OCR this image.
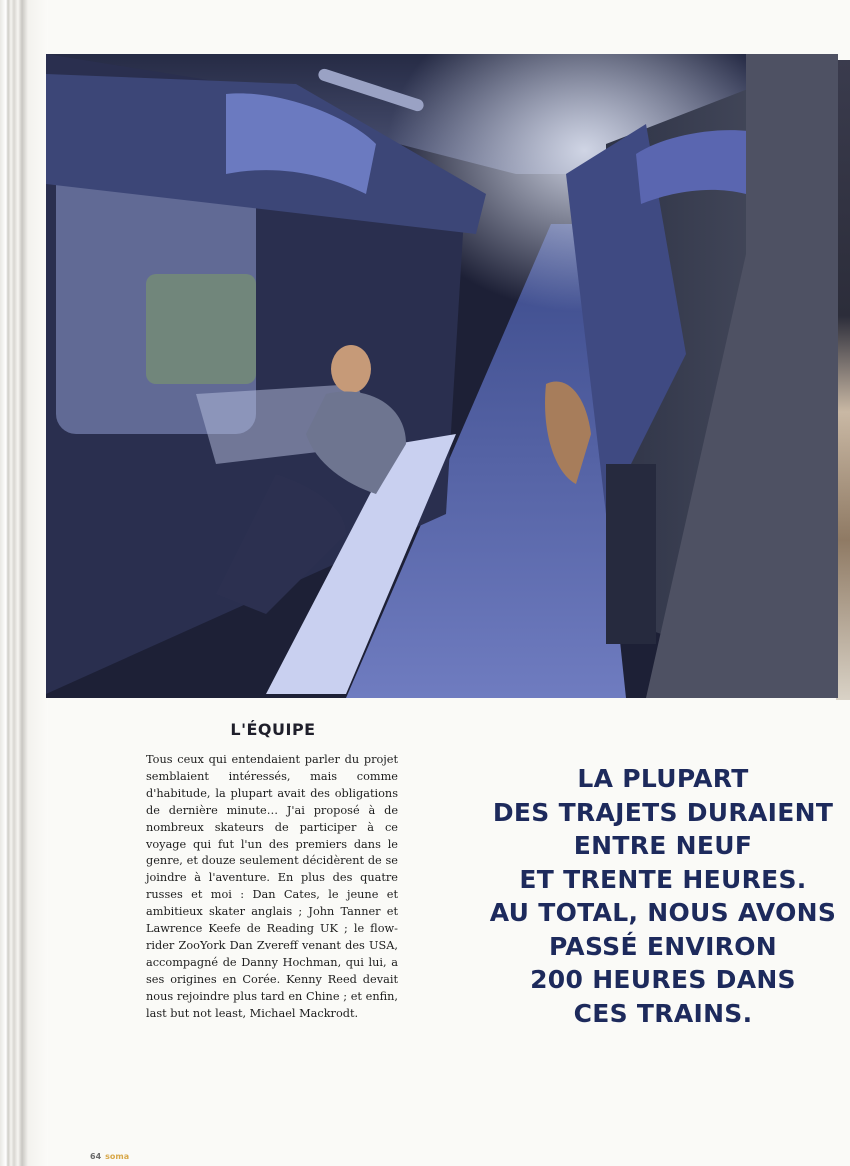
L'ÉQUIPE
Tous ceux qui entendaient parler du projet semblaient intéressés, mais comme d'habitude, la plupart avait des obligations de dernière minute… J'ai proposé à de nombreux skateurs de participer à ce voyage qui fut l'un des premiers dans le genre, et douze seulement décidèrent de se joindre à l'aventure. En plus des quatre russes et moi : Dan Cates, le jeune et ambitieux skater anglais ; John Tanner et Lawrence Keefe de Reading UK ; le flow-rider ZooYork Dan Zvereff venant des USA, accompagné de Danny Hochman, qui lui, a ses origines en Corée. Kenny Reed devait nous rejoindre plus tard en Chine ; et enfin, last but not least, Michael Mackrodt.
LA PLUPART
DES TRAJETS DURAIENT
ENTRE NEUF
ET TRENTE HEURES.
AU TOTAL, NOUS AVONS
PASSÉ ENVIRON
200 HEURES DANS
CES TRAINS.
64 soma
